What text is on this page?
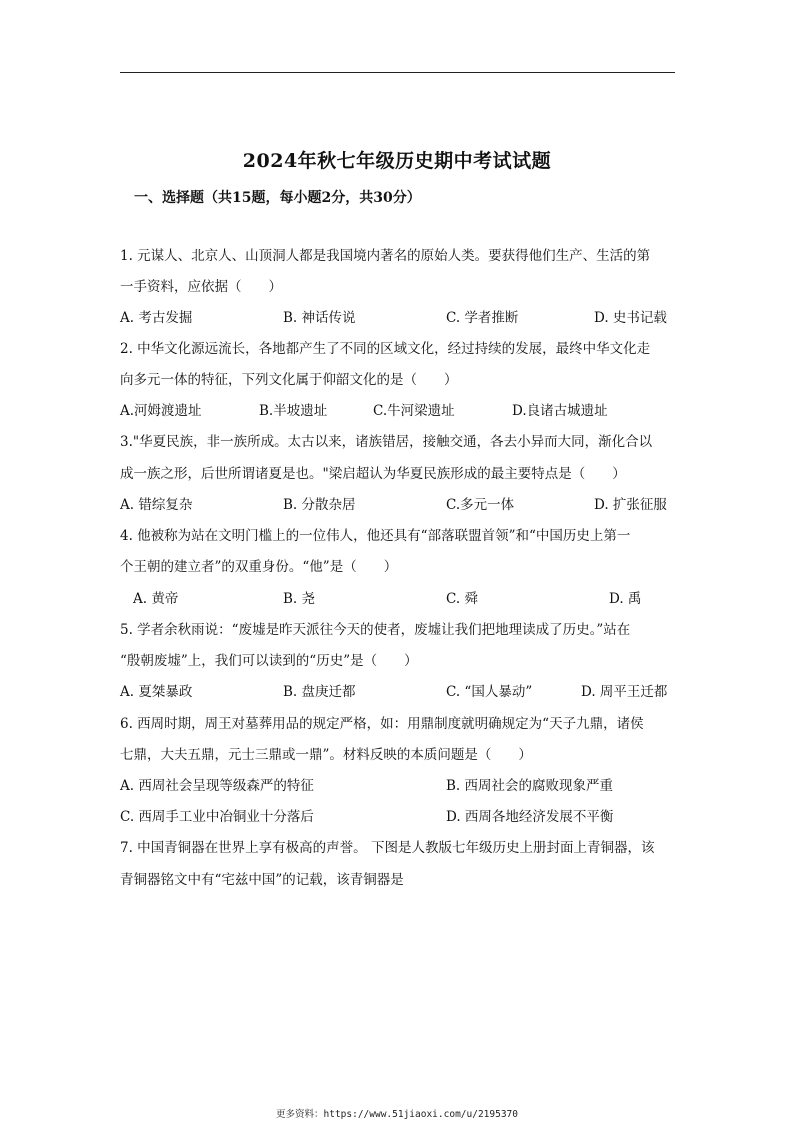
2024年秋七年级历史期中考试试题
一、选择题（共15题，每小题2分，共30分）
1. 元谋人、北京人、山顶洞人都是我国境内著名的原始人类。要获得他们生产、生活的第
一手资料，应依据（　　）
A. 考古发掘	B. 神话传说	C. 学者推断	D. 史书记载
2. 中华文化源远流长，各地都产生了不同的区域文化，经过持续的发展，最终中华文化走
向多元一体的特征，下列文化属于仰韶文化的是（　　）
A.河姆渡遗址	B.半坡遗址	C.牛河梁遗址	D.良诸古城遗址
3."华夏民族，非一族所成。太古以来，诸族错居，接触交通，各去小异而大同，渐化合以
成一族之形，后世所谓诸夏是也。"梁启超认为华夏民族形成的最主要特点是（　　）
A. 错综复杂	B. 分散杂居	C.多元一体	D. 扩张征服
4. 他被称为站在文明门槛上的一位伟人，他还具有“部落联盟首领”和“中国历史上第一
个王朝的建立者”的双重身份。“他”是（　　）
A. 黄帝	B. 尧	C. 舜	D. 禹
5. 学者余秋雨说：“废墟是昨天派往今天的使者，废墟让我们把地理读成了历史。”站在
“殷朝废墟”上，我们可以读到的“历史”是（　　）
A. 夏桀暴政	B. 盘庚迁都	C. “国人暴动”	D. 周平王迁都
6. 西周时期，周王对墓葬用品的规定严格，如：用鼎制度就明确规定为“天子九鼎，诸侯
七鼎，大夫五鼎，元士三鼎或一鼎”。材料反映的本质问题是（　　）
A. 西周社会呈现等级森严的特征	B. 西周社会的腐败现象严重
C. 西周手工业中冶铜业十分落后	D. 西周各地经济发展不平衡
7. 中国青铜器在世界上享有极高的声誉。 下图是人教版七年级历史上册封面上青铜器，该
青铜器铭文中有“宅兹中国”的记载，该青铜器是
更多资料：https://www.51jiaoxi.com/u/2195370
